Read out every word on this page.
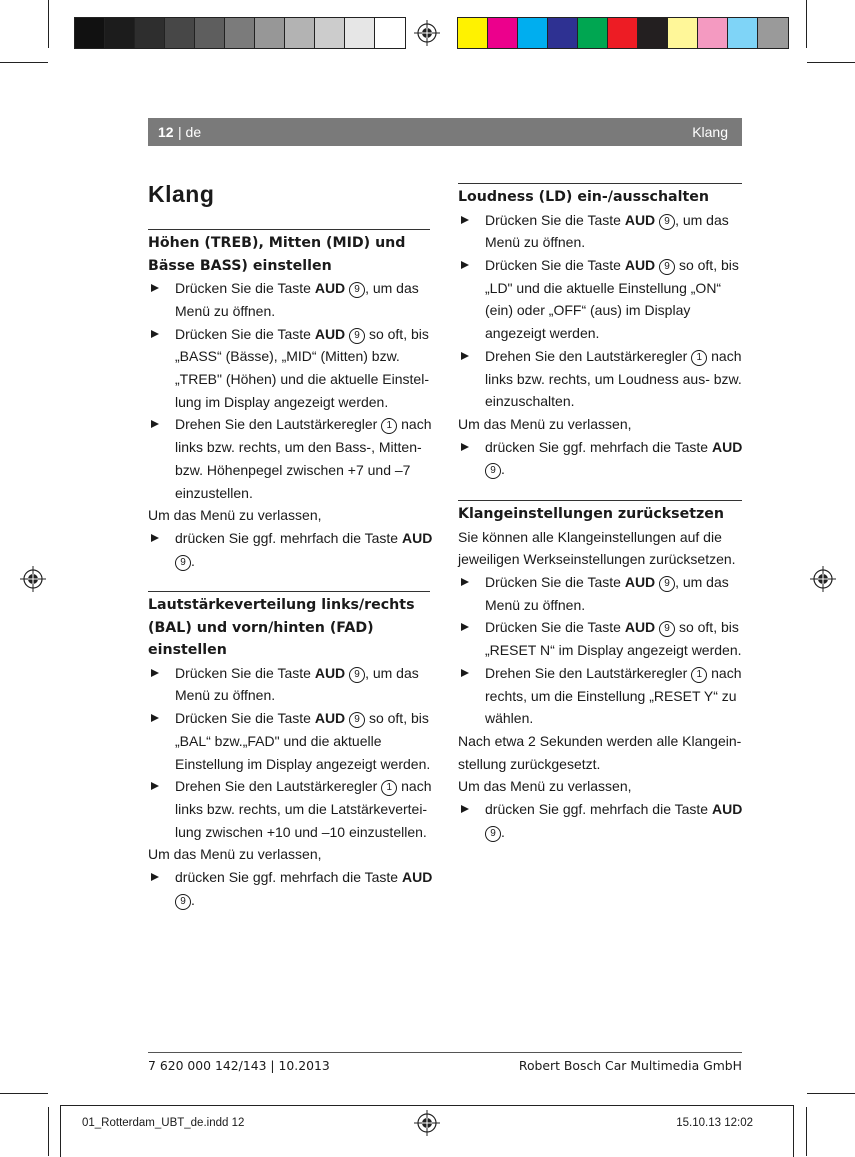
12 | de	Klang
Klang

Höhen (TREB), Mitten (MID) und Bässe BASS) einstellen

Drücken Sie die Taste AUD 9 , um das Menü zu öffnen.

Drücken Sie die Taste AUD 9 so oft, bis „BASS“ (Bässe), „MID“ (Mitten) bzw. „TREB" (Höhen) und die aktuelle Einstel-lung im Display angezeigt werden.

Drehen Sie den Lautstärkeregler 1 nach links bzw. rechts, um den Bass-, Mitten- bzw. Höhenpegel zwischen +7 und –7 einzustellen.

Um das Menü zu verlassen,

drücken Sie ggf. mehrfach die Taste AUD 9 .

Lautstärkeverteilung links/rechts (BAL) und vorn/hinten (FAD) einstellen

Drücken Sie die Taste AUD 9 , um das Menü zu öffnen.

Drücken Sie die Taste AUD 9 so oft, bis „BAL“ bzw.„FAD" und die aktuelle Einstellung im Display angezeigt werden.

Drehen Sie den Lautstärkeregler 1 nach links bzw. rechts, um die Latstärkevertei-lung zwischen +10 und –10 einzustellen.

Um das Menü zu verlassen,

drücken Sie ggf. mehrfach die Taste AUD 9 .

Loudness (LD) ein-/ausschalten

Drücken Sie die Taste AUD 9 , um das Menü zu öffnen.

Drücken Sie die Taste AUD 9 so oft, bis „LD" und die aktuelle Einstellung „ON“ (ein) oder „OFF“ (aus) im Display angezeigt werden.

Drehen Sie den Lautstärkeregler 1 nach links bzw. rechts, um Loudness aus- bzw. einzuschalten.

Um das Menü zu verlassen,

drücken Sie ggf. mehrfach die Taste AUD 9 .

Klangeinstellungen zurücksetzen

Sie können alle Klangeinstellungen auf die jeweiligen Werkseinstellungen zurücksetzen.

Drücken Sie die Taste AUD 9 , um das Menü zu öffnen.

Drücken Sie die Taste AUD 9 so oft, bis „RESET N“ im Display angezeigt werden.

Drehen Sie den Lautstärkeregler 1 nach rechts, um die Einstellung „RESET Y“ zu wählen.

Nach etwa 2 Sekunden werden alle Klangein-stellung zurückgesetzt.

Um das Menü zu verlassen,

drücken Sie ggf. mehrfach die Taste AUD 9 .

7 620 000 142/143 | 10.2013	Robert Bosch Car Multimedia GmbH
01_Rotterdam_UBT_de.indd 12	15.10.13 12:02
